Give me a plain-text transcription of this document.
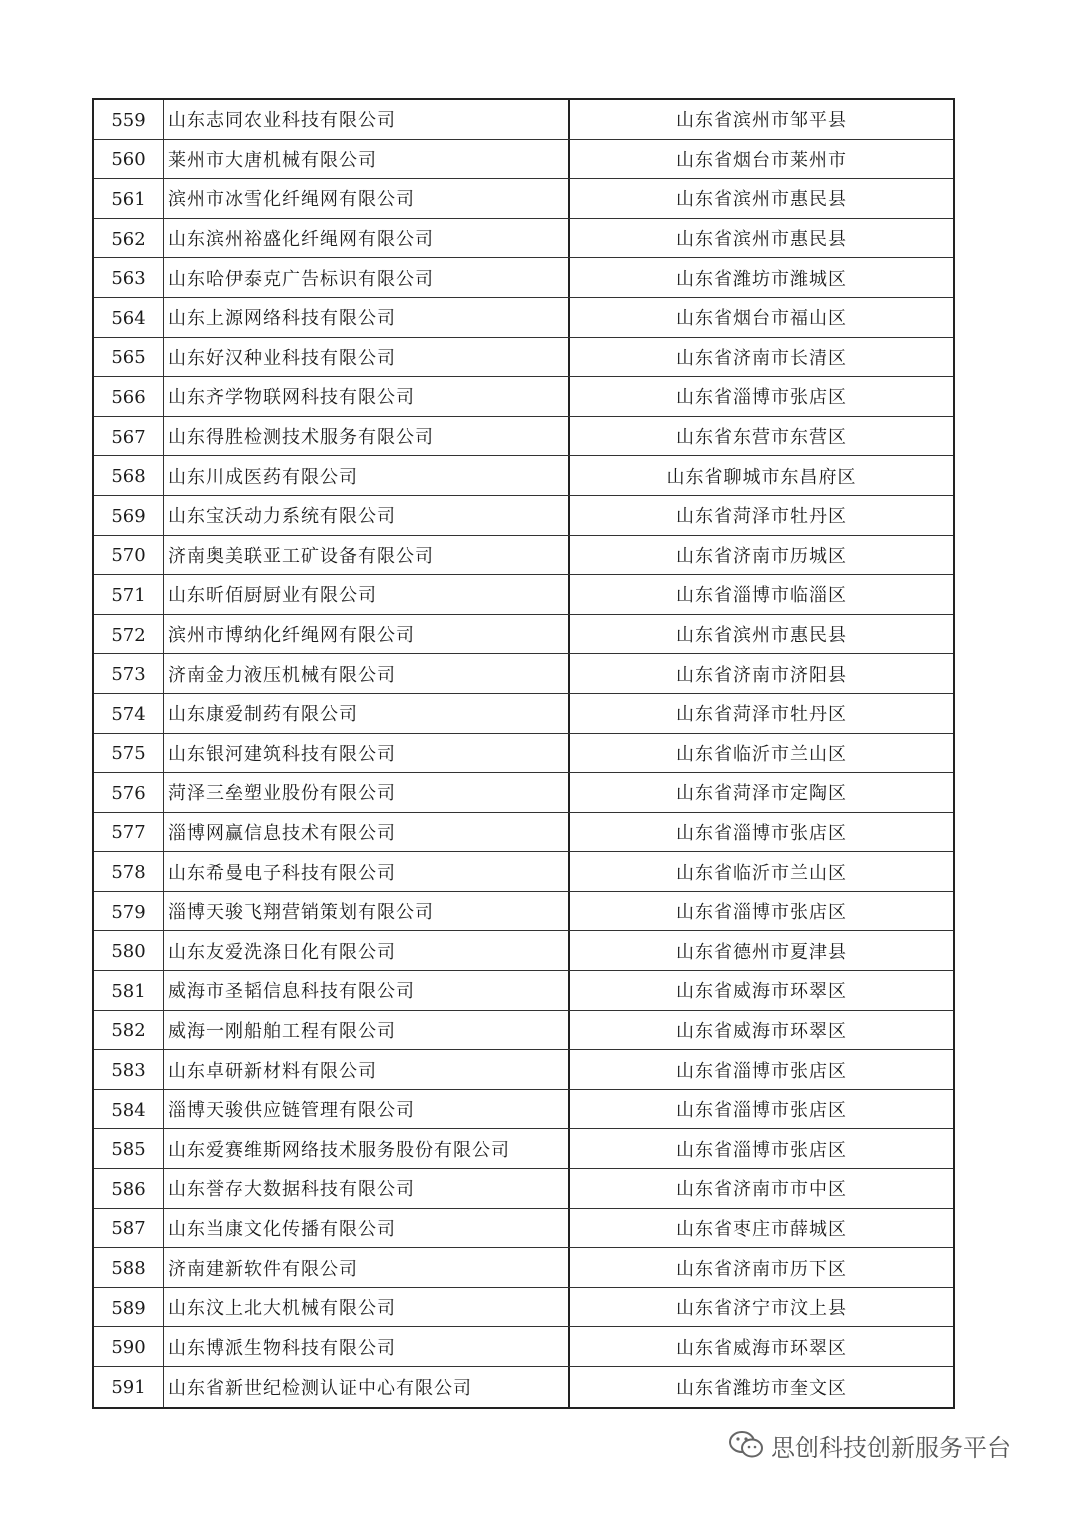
559	山东志同农业科技有限公司	山东省滨州市邹平县
560	莱州市大唐机械有限公司	山东省烟台市莱州市
561	滨州市冰雪化纤绳网有限公司	山东省滨州市惠民县
562	山东滨州裕盛化纤绳网有限公司	山东省滨州市惠民县
563	山东哈伊泰克广告标识有限公司	山东省潍坊市潍城区
564	山东上源网络科技有限公司	山东省烟台市福山区
565	山东好汉种业科技有限公司	山东省济南市长清区
566	山东齐学物联网科技有限公司	山东省淄博市张店区
567	山东得胜检测技术服务有限公司	山东省东营市东营区
568	山东川成医药有限公司	山东省聊城市东昌府区
569	山东宝沃动力系统有限公司	山东省菏泽市牡丹区
570	济南奥美联亚工矿设备有限公司	山东省济南市历城区
571	山东昕佰厨厨业有限公司	山东省淄博市临淄区
572	滨州市博纳化纤绳网有限公司	山东省滨州市惠民县
573	济南金力液压机械有限公司	山东省济南市济阳县
574	山东康爱制药有限公司	山东省菏泽市牡丹区
575	山东银河建筑科技有限公司	山东省临沂市兰山区
576	菏泽三垒塑业股份有限公司	山东省菏泽市定陶区
577	淄博网赢信息技术有限公司	山东省淄博市张店区
578	山东希曼电子科技有限公司	山东省临沂市兰山区
579	淄博天骏飞翔营销策划有限公司	山东省淄博市张店区
580	山东友爱洗涤日化有限公司	山东省德州市夏津县
581	威海市圣韬信息科技有限公司	山东省威海市环翠区
582	威海一刚船舶工程有限公司	山东省威海市环翠区
583	山东卓研新材料有限公司	山东省淄博市张店区
584	淄博天骏供应链管理有限公司	山东省淄博市张店区
585	山东爱赛维斯网络技术服务股份有限公司	山东省淄博市张店区
586	山东誉存大数据科技有限公司	山东省济南市市中区
587	山东当康文化传播有限公司	山东省枣庄市薛城区
588	济南建新软件有限公司	山东省济南市历下区
589	山东汶上北大机械有限公司	山东省济宁市汶上县
590	山东博派生物科技有限公司	山东省威海市环翠区
591	山东省新世纪检测认证中心有限公司	山东省潍坊市奎文区
思创科技创新服务平台
